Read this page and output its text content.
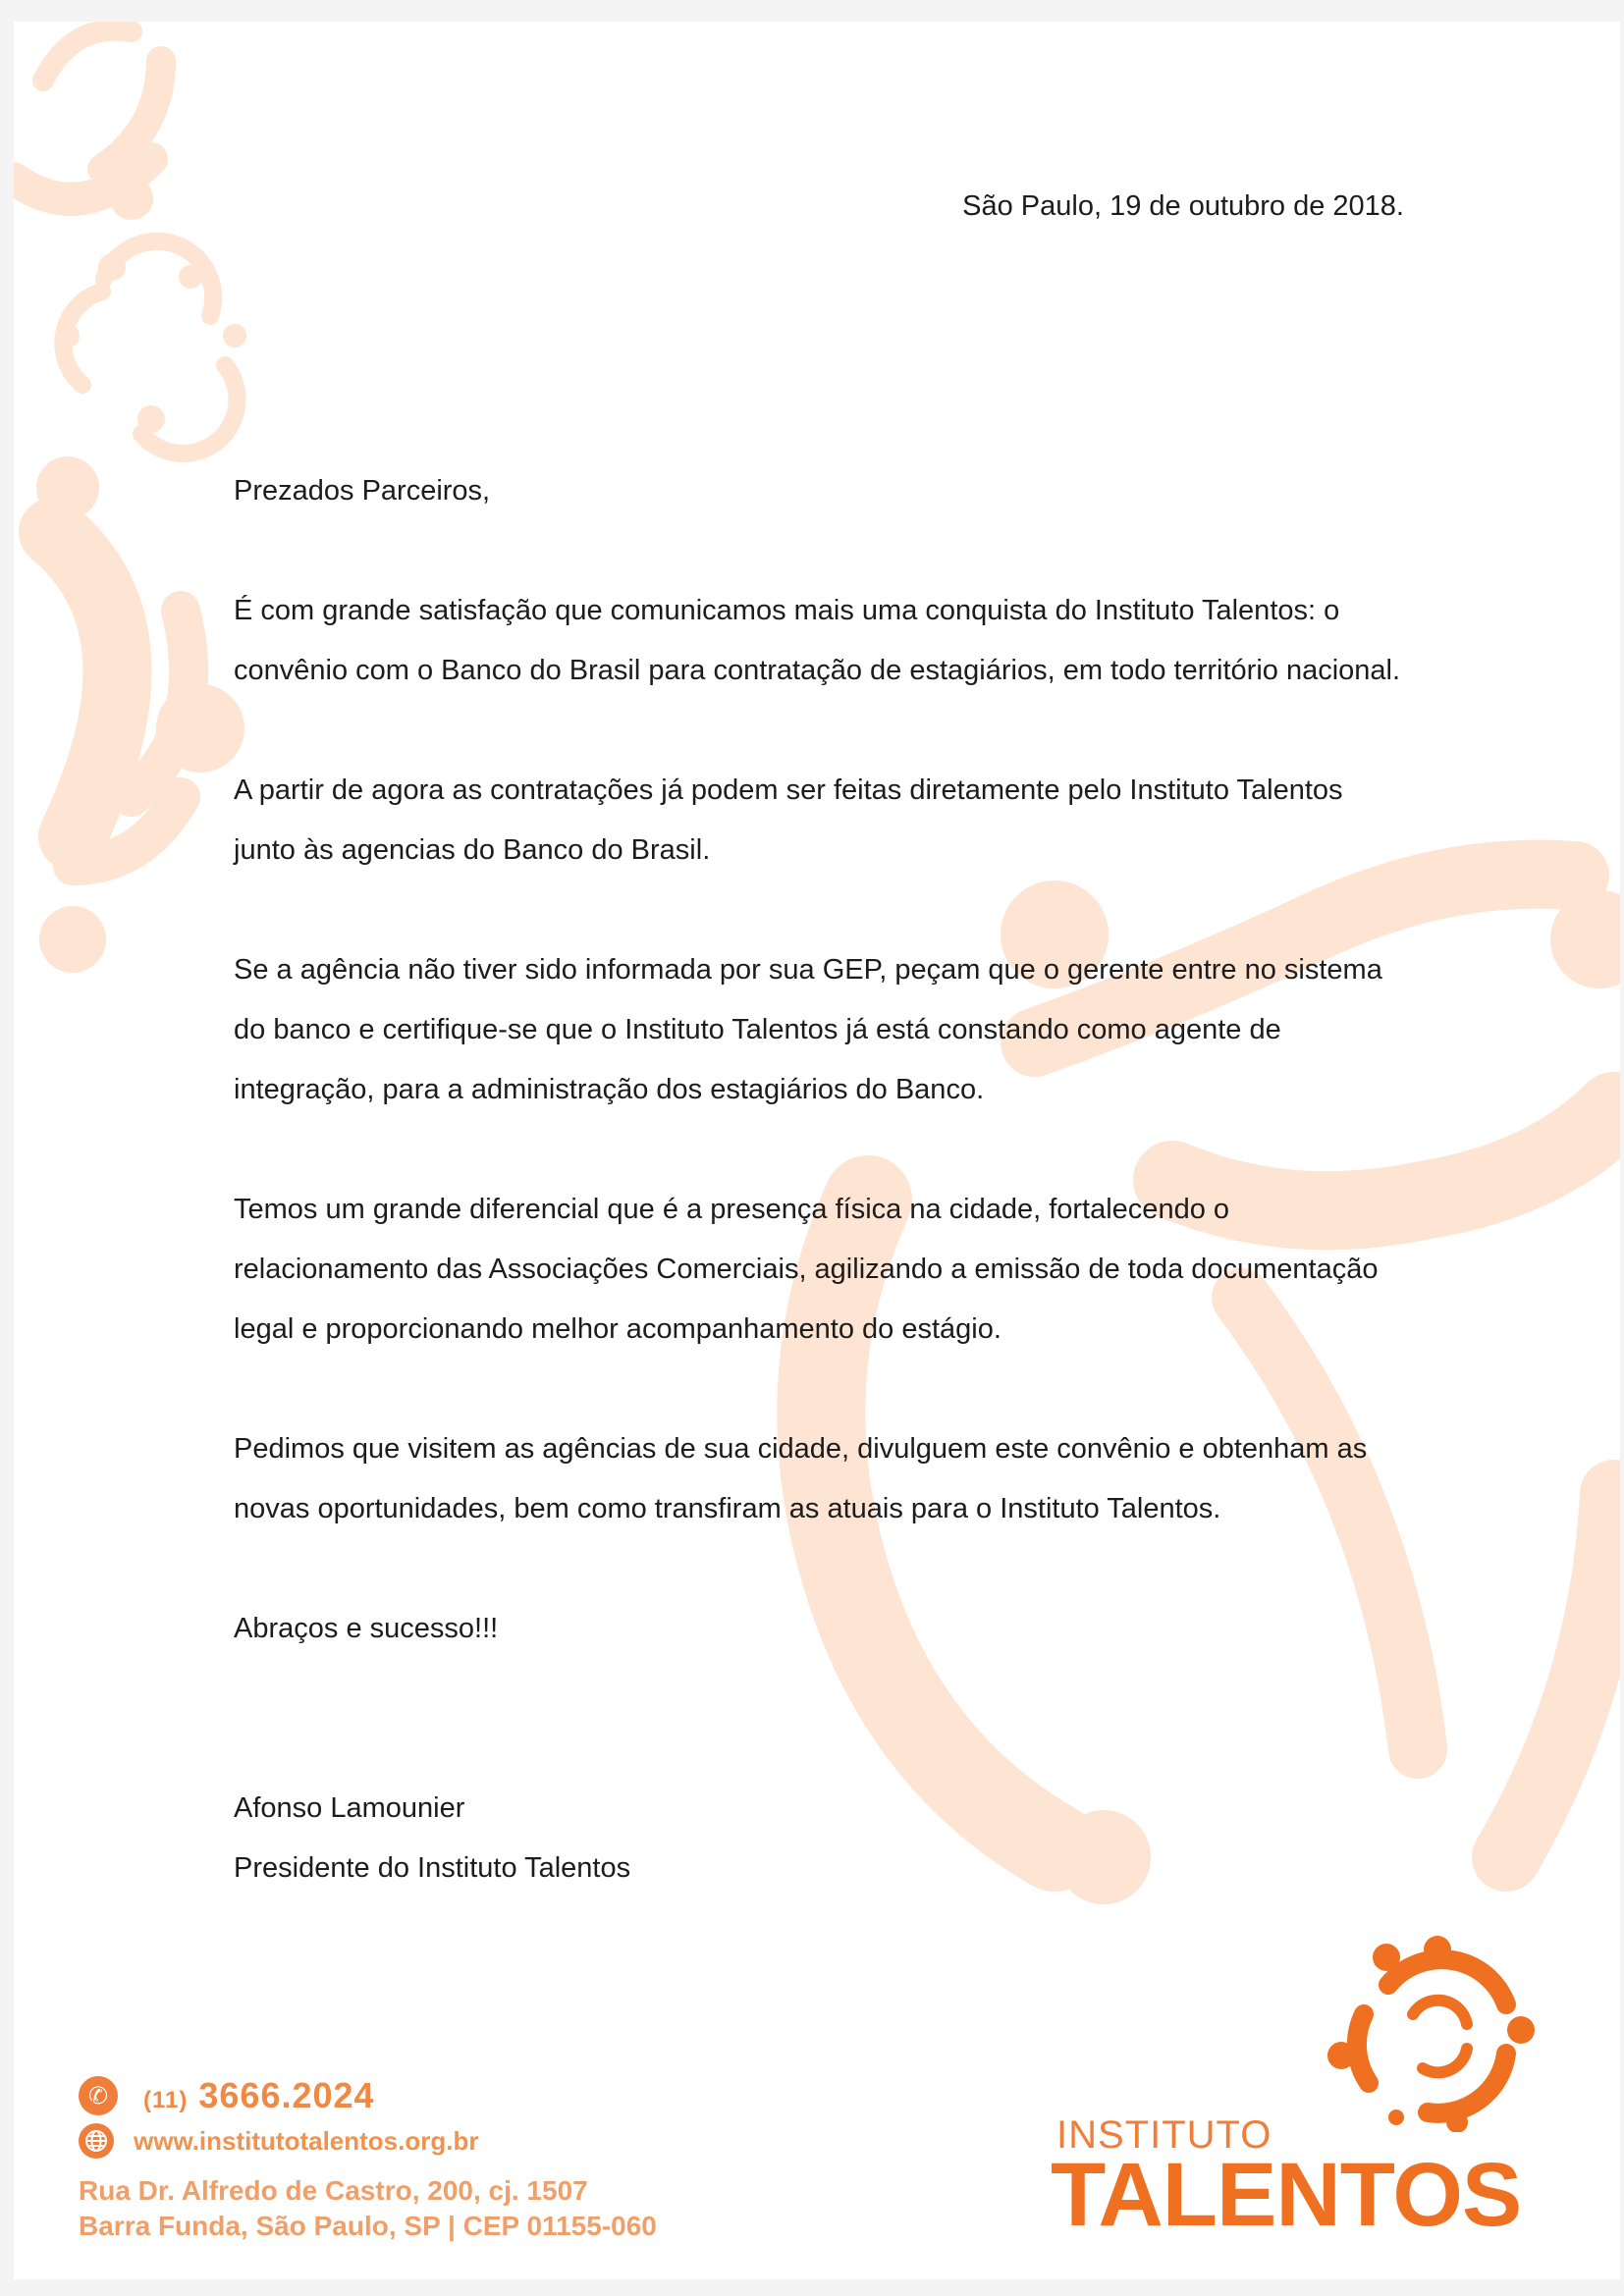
São Paulo, 19 de outubro de 2018.

Prezados Parceiros,

É com grande satisfação que comunicamos mais uma conquista do Instituto Talentos: o convênio com o Banco do Brasil para contratação de estagiários, em todo território nacional.

A partir de agora as contratações já podem ser feitas diretamente pelo Instituto Talentos junto às agencias do Banco do Brasil.

Se a agência não tiver sido informada por sua GEP, peçam que o gerente entre no sistema do banco e certifique-se que o Instituto Talentos já está constando como agente de integração, para a administração dos estagiários do Banco.

Temos um grande diferencial que é a presença física na cidade, fortalecendo o relacionamento das Associações Comerciais, agilizando a emissão de toda documentação legal e proporcionando melhor acompanhamento do estágio.

Pedimos que visitem as agências de sua cidade, divulguem este convênio e obtenham as novas oportunidades, bem como transfiram as atuais para o Instituto Talentos.

Abraços e sucesso!!!

Afonso Lamounier
Presidente do Instituto Talentos
✆	(11) 3666.2024
www.institutotalentos.org.br
Rua Dr. Alfredo de Castro, 200, cj. 1507
Barra Funda, São Paulo, SP | CEP 01155-060
INSTITUTO
TALENTOS
